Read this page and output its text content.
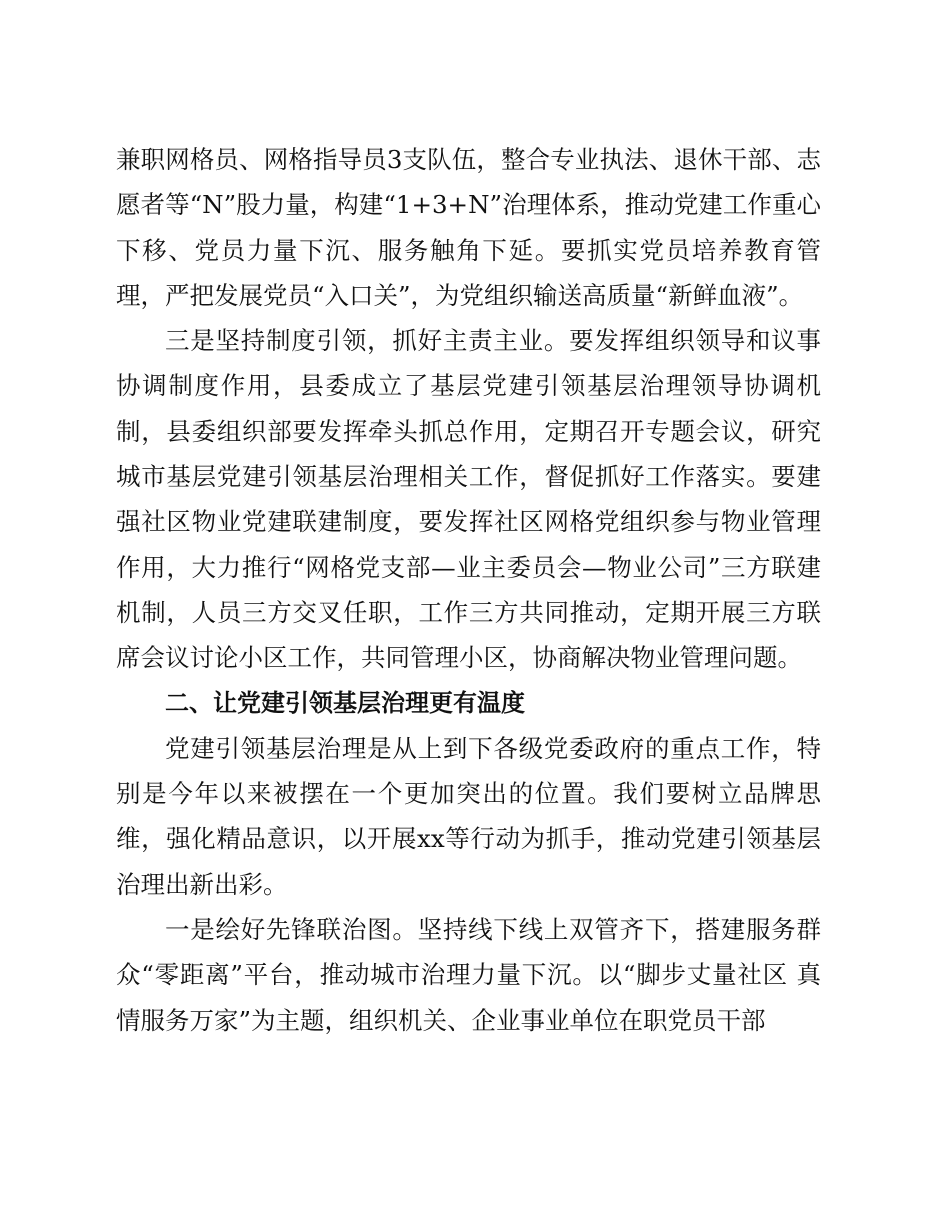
兼职网格员、网格指导员3支队伍，整合专业执法、退休干部、志愿者等“N”股力量，构建“1+3+N”治理体系，推动党建工作重心下移、党员力量下沉、服务触角下延。要抓实党员培养教育管理，严把发展党员“入口关”，为党组织输送高质量“新鲜血液”。

三是坚持制度引领，抓好主责主业。要发挥组织领导和议事协调制度作用，县委成立了基层党建引领基层治理领导协调机制，县委组织部要发挥牵头抓总作用，定期召开专题会议，研究城市基层党建引领基层治理相关工作，督促抓好工作落实。要建强社区物业党建联建制度，要发挥社区网格党组织参与物业管理作用，大力推行“网格党支部—业主委员会—物业公司”三方联建机制，人员三方交叉任职，工作三方共同推动，定期开展三方联席会议讨论小区工作，共同管理小区，协商解决物业管理问题。

二、让党建引领基层治理更有温度

党建引领基层治理是从上到下各级党委政府的重点工作，特别是今年以来被摆在一个更加突出的位置。我们要树立品牌思维，强化精品意识，以开展xx等行动为抓手，推动党建引领基层治理出新出彩。

一是绘好先锋联治图。坚持线下线上双管齐下，搭建服务群众“零距离”平台，推动城市治理力量下沉。以“脚步丈量社区 真情服务万家”为主题，组织机关、企业事业单位在职党员干部
